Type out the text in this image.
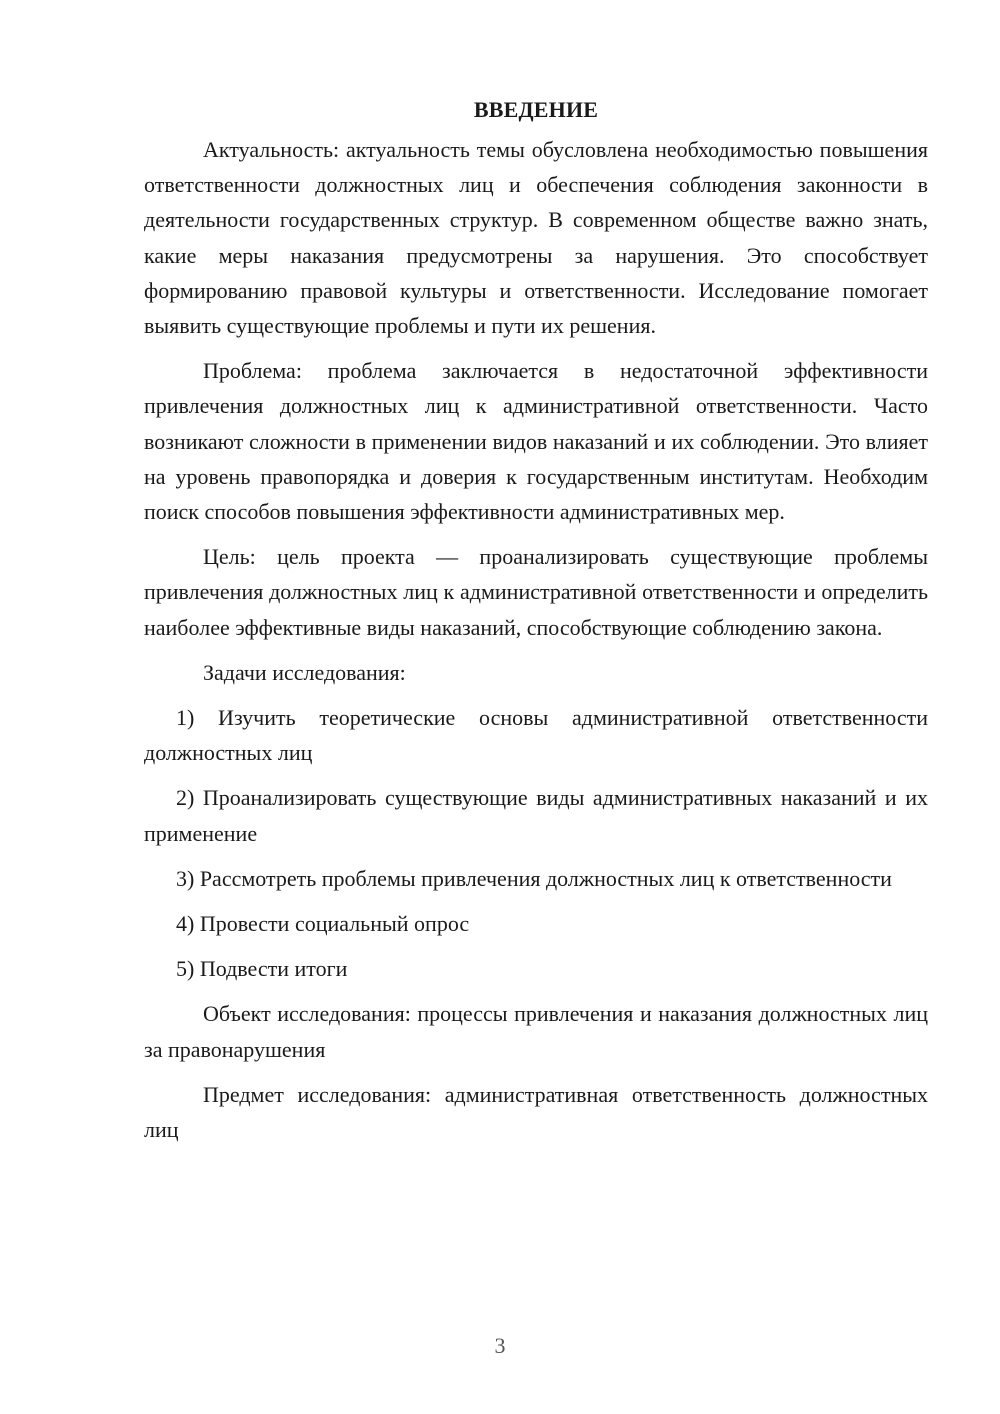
ВВЕДЕНИЕ

Актуальность: актуальность темы обусловлена необходимостью повышения ответственности должностных лиц и обеспечения соблюдения законности в деятельности государственных структур. В современном обществе важно знать, какие меры наказания предусмотрены за нарушения. Это способствует формированию правовой культуры и ответственности. Исследование помогает выявить существующие проблемы и пути их решения.

Проблема: проблема заключается в недостаточной эффективности привлечения должностных лиц к административной ответственности. Часто возникают сложности в применении видов наказаний и их соблюдении. Это влияет на уровень правопорядка и доверия к государственным институтам. Необходим поиск способов повышения эффективности административных мер.

Цель: цель проекта — проанализировать существующие проблемы привлечения должностных лиц к административной ответственности и определить наиболее эффективные виды наказаний, способствующие соблюдению закона.

Задачи исследования:

1) Изучить теоретические основы административной ответственности должностных лиц

2) Проанализировать существующие виды административных наказаний и их применение

3) Рассмотреть проблемы привлечения должностных лиц к ответственности

4) Провести социальный опрос

5) Подвести итоги

Объект исследования: процессы привлечения и наказания должностных лиц за правонарушения

Предмет исследования: административная ответственность должностных лиц

3
